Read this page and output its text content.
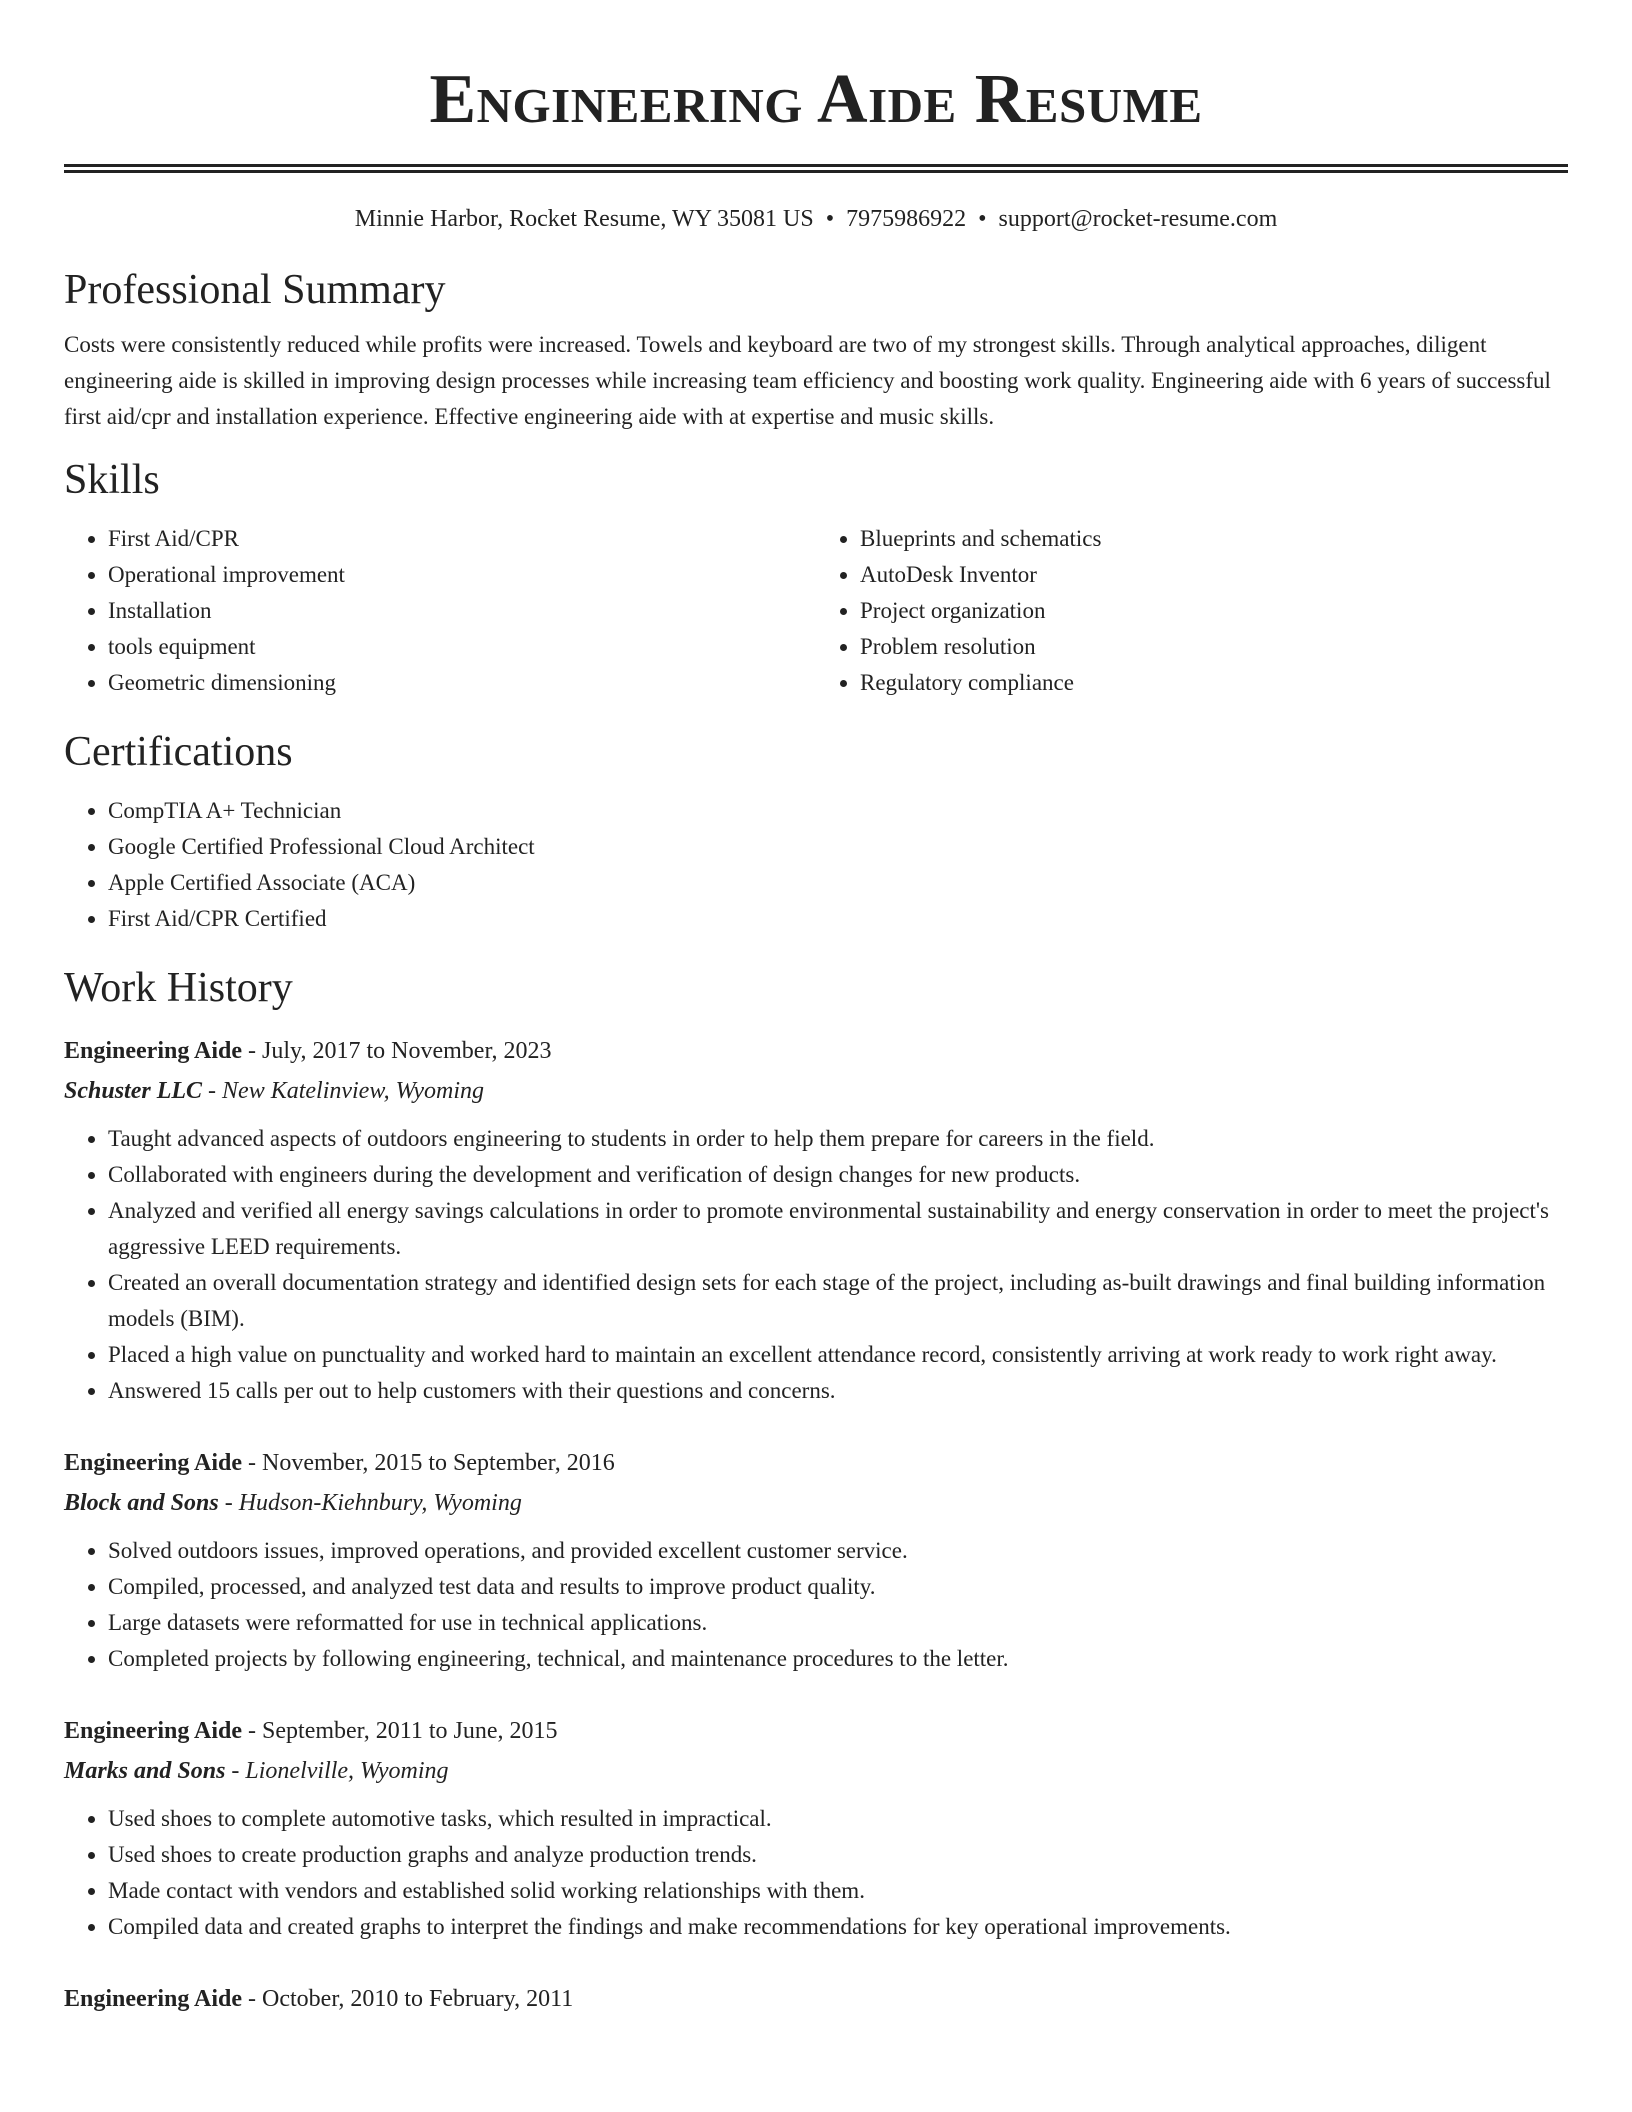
Engineering Aide Resume
Minnie Harbor, Rocket Resume, WY 35081 US • 7975986922 • support@rocket-resume.com
Professional Summary

Costs were consistently reduced while profits were increased. Towels and keyboard are two of my strongest skills. Through analytical approaches, diligent engineering aide is skilled in improving design processes while increasing team efficiency and boosting work quality. Engineering aide with 6 years of successful first aid/cpr and installation experience. Effective engineering aide with at expertise and music skills.

Skills
• First Aid/CPR
• Operational improvement
• Installation
• tools equipment
• Geometric dimensioning
• Blueprints and schematics
• AutoDesk Inventor
• Project organization
• Problem resolution
• Regulatory compliance
Certifications
• CompTIA A+ Technician
• Google Certified Professional Cloud Architect
• Apple Certified Associate (ACA)
• First Aid/CPR Certified
Work History
Engineering Aide - July, 2017 to November, 2023
Schuster LLC - New Katelinview, Wyoming
• Taught advanced aspects of outdoors engineering to students in order to help them prepare for careers in the field.
• Collaborated with engineers during the development and verification of design changes for new products.
• Analyzed and verified all energy savings calculations in order to promote environmental sustainability and energy conservation in order to meet the project's aggressive LEED requirements.
• Created an overall documentation strategy and identified design sets for each stage of the project, including as-built drawings and final building information models (BIM).
• Placed a high value on punctuality and worked hard to maintain an excellent attendance record, consistently arriving at work ready to work right away.
• Answered 15 calls per out to help customers with their questions and concerns.
Engineering Aide - November, 2015 to September, 2016
Block and Sons - Hudson-Kiehnbury, Wyoming
• Solved outdoors issues, improved operations, and provided excellent customer service.
• Compiled, processed, and analyzed test data and results to improve product quality.
• Large datasets were reformatted for use in technical applications.
• Completed projects by following engineering, technical, and maintenance procedures to the letter.
Engineering Aide - September, 2011 to June, 2015
Marks and Sons - Lionelville, Wyoming
• Used shoes to complete automotive tasks, which resulted in impractical.
• Used shoes to create production graphs and analyze production trends.
• Made contact with vendors and established solid working relationships with them.
• Compiled data and created graphs to interpret the findings and make recommendations for key operational improvements.
Engineering Aide - October, 2010 to February, 2011
